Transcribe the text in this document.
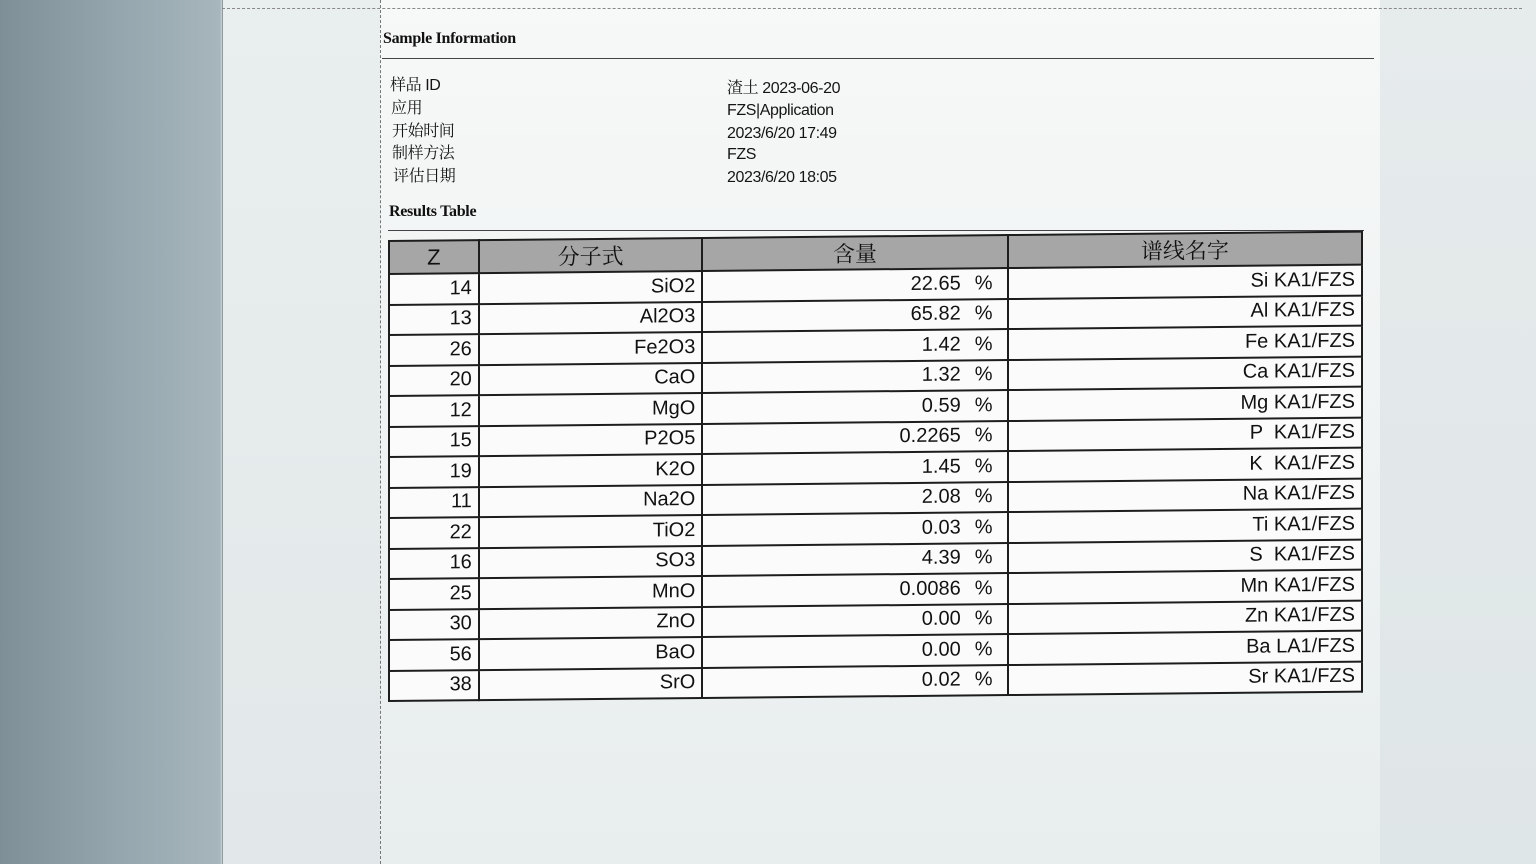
Sample Information
样品 ID	渣土 2023-06-20
应用	FZS|Application
开始时间	2023/6/20 17:49
制样方法	FZS
评估日期	2023/6/20 18:05
Results Table
Z	分子式	含量	谱线名字
14	SiO2	22.65 %	Si KA1/FZS
13	Al2O3	65.82 %	Al KA1/FZS
26	Fe2O3	1.42 %	Fe KA1/FZS
20	CaO	1.32 %	Ca KA1/FZS
12	MgO	0.59 %	Mg KA1/FZS
15	P2O5	0.2265 %	P  KA1/FZS
19	K2O	1.45 %	K  KA1/FZS
11	Na2O	2.08 %	Na KA1/FZS
22	TiO2	0.03 %	Ti KA1/FZS
16	SO3	4.39 %	S  KA1/FZS
25	MnO	0.0086 %	Mn KA1/FZS
30	ZnO	0.00 %	Zn KA1/FZS
56	BaO	0.00 %	Ba LA1/FZS
38	SrO	0.02 %	Sr KA1/FZS
